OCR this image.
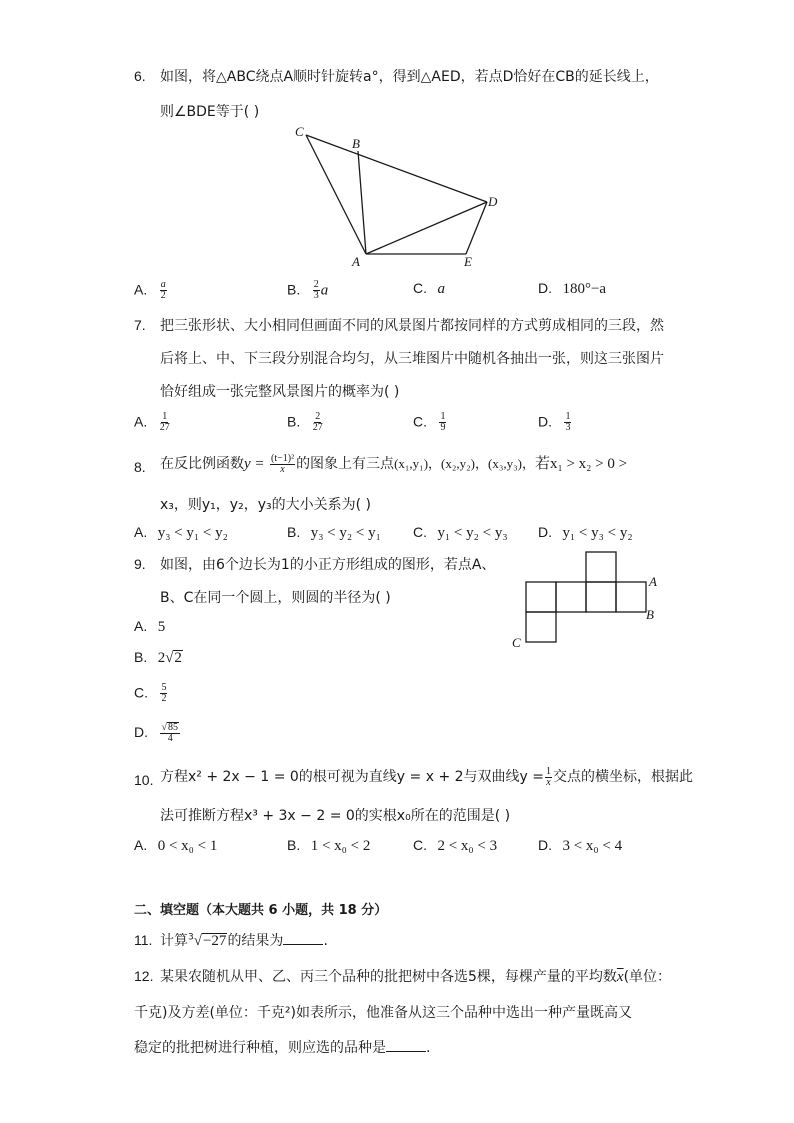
6. 如图，将△ABC绕点A顺时针旋转a°，得到△AED，若点D恰好在CB的延长线上，
则∠BDE等于( )
C
B
D
A	E
A. $\frac{a}{2}$	B. $\frac{2}{3}$ a	C. a	D. 180°−a
7. 把三张形状、大小相同但画面不同的风景图片都按同样的方式剪成相同的三段，然
后将上、中、下三段分别混合均匀，从三堆图片中随机各抽出一张，则这三张图片
恰好组成一张完整风景图片的概率为( )
A. $\frac{1}{27}$	B. $\frac{2}{27}$	C. $\frac{1}{9}$	D. $\frac{1}{3}$
8. 在反比例函数$y = \frac{\text{(t−1)²}}{x}$ 的图象上有三点(x₁,y₁)，(x₂,y₂)，(x₃,y₃)，若x₁ > x₂ > 0 >
x₃，则y₁，y₂，y₃的大小关系为( )
A. y₃ < y₁ < y₂	B. y₃ < y₂ < y₁ C. y₁ < y₂ < y₃ D. y₁ < y₃ < y₂
9. 如图，由6个边长为1的小正方形组成的图形，若点A、
B、C在同一个圆上，则圆的半径为( )
A
B
C
A. 5
B. 2√2
C. $\frac{5}{2}$
D. $\frac{√85}{4}$
10. 方程x² + 2x − 1 = 0的根可视为直线y = x + 2与双曲线$y = \frac{1}{x}$ 交点的横坐标，根据此
法可推断方程x³ + 3x − 2 = 0的实根x₀所在的范围是( )
A. 0 < x₀ < 1	B. 1 < x₀ < 2	C. 2 < x₀ < 3	D. 3 < x₀ < 4
二、填空题（本大题共 6 小题，共 18 分）
11. 计算$^3$√−27的结果为	.
12. 某果农随机从甲、乙、丙三个品种的批把树中各选5棵，每棵产量的平均数$\overline{x}$(单位：
千克)及方差(单位：千克²)如表所示，他准备从这三个品种中选出一种产量既高又
稳定的批把树进行种植，则应选的品种是	.
